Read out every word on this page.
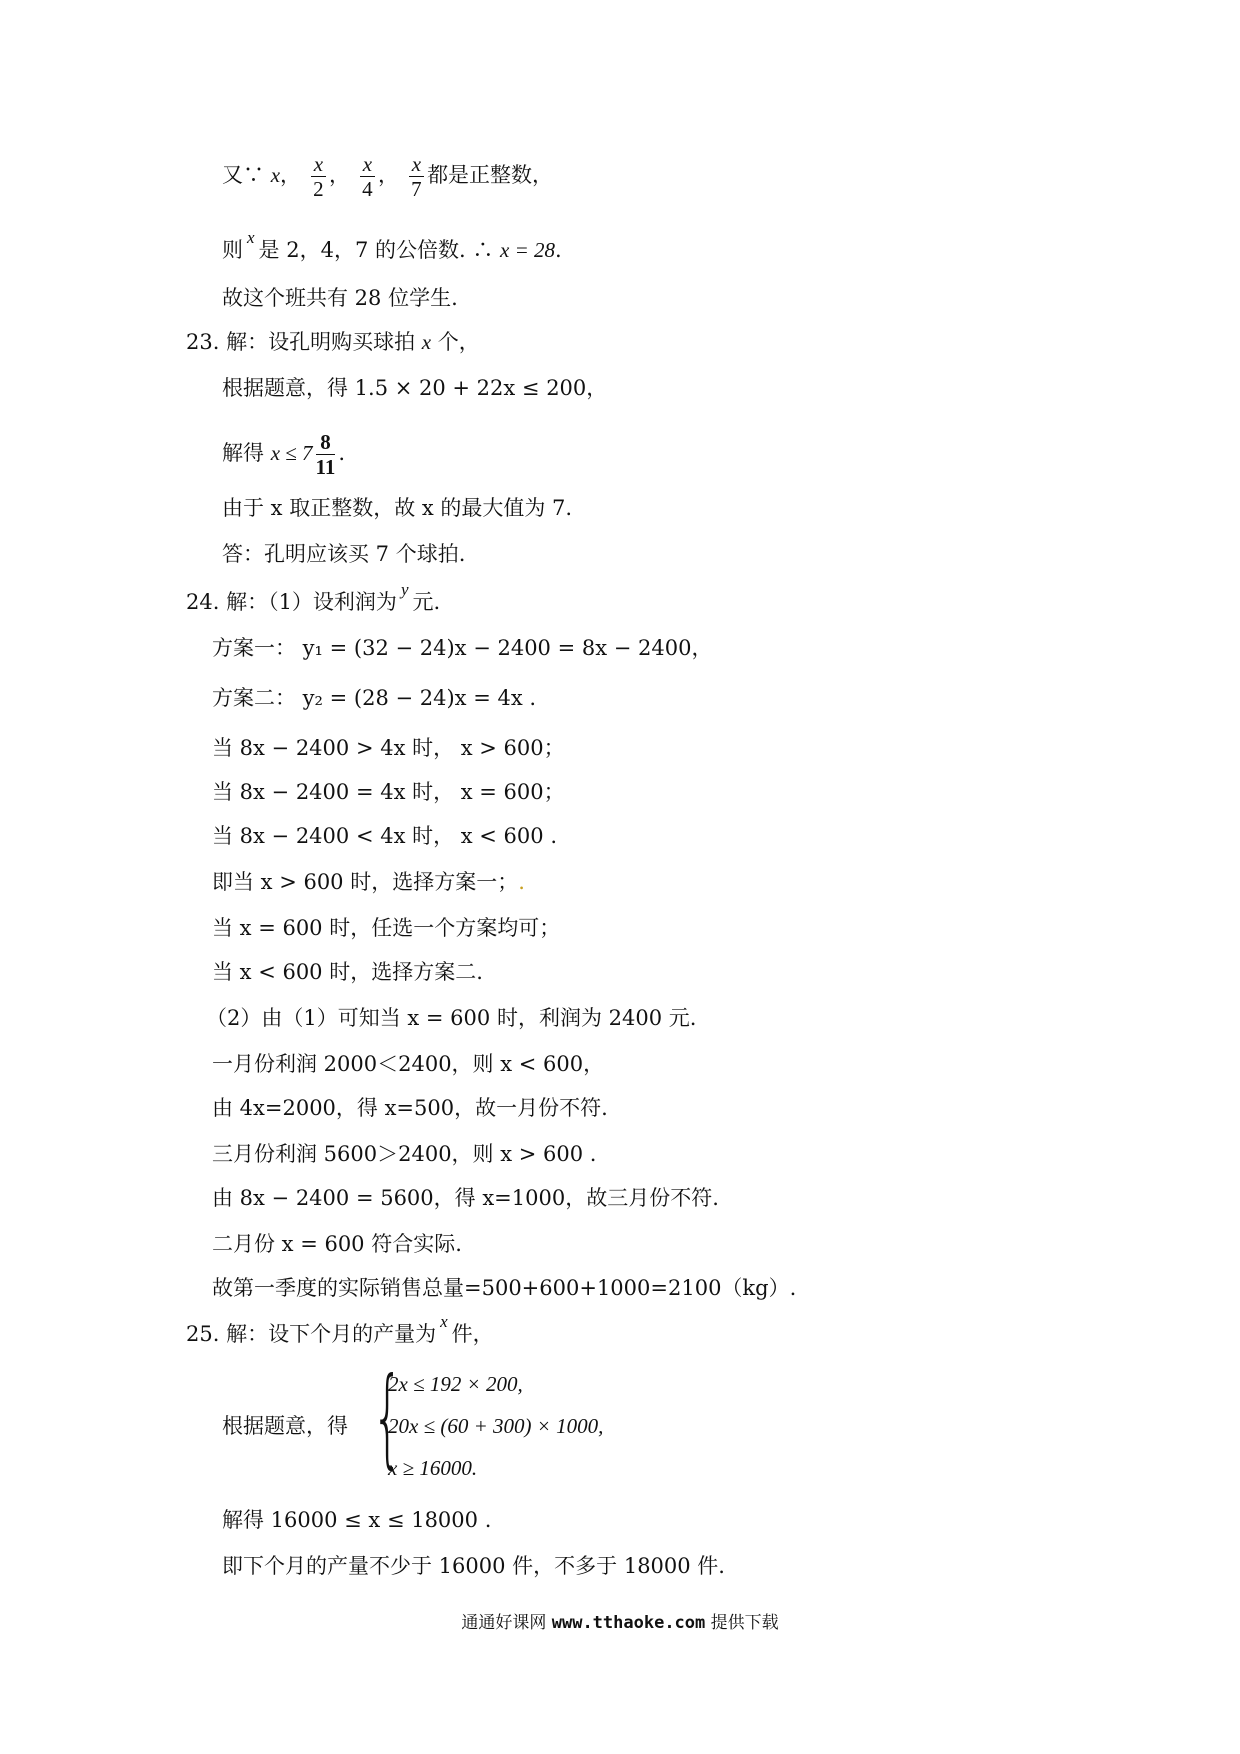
又∵ x， $\frac{x}{2}$ ， $\frac{x}{4}$ ， $\frac{x}{7}$ 都是正整数，
则$^x$是 2，4，7 的公倍数. ∴ x = 28.
故这个班共有 28 位学生.
23. 解：设孔明购买球拍 x 个，
根据题意，得 1.5 × 20 + 22x ≤ 200，
解得 $x \le 7 \frac{8}{11}$ .
由于 x 取正整数，故 x 的最大值为 7.
答：孔明应该买 7 个球拍.
24. 解：（1）设利润为$^y$元.
方案一： y₁ = (32 − 24)x − 2400 = 8x − 2400，
方案二： y₂ = (28 − 24)x = 4x .
当 8x − 2400 > 4x 时， x > 600；
当 8x − 2400 = 4x 时， x = 600；
当 8x − 2400 < 4x 时， x < 600 .
即当 x > 600 时，选择方案一；.
当 x = 600 时，任选一个方案均可；
当 x < 600 时，选择方案二.
（2）由（1）可知当 x = 600 时，利润为 2400 元.
一月份利润 2000＜2400，则 x < 600，
由 4x=2000，得 x=500，故一月份不符.
三月份利润 5600＞2400，则 x > 600 .
由 8x − 2400 = 5600，得 x=1000，故三月份不符.
二月份 x = 600 符合实际.
故第一季度的实际销售总量=500+600+1000=2100（kg）.
25. 解：设下个月的产量为$^x$件，
根据题意，得 {
2x ≤ 192 × 200,
20x ≤ (60 + 300) × 1000,
x ≥ 16000.
解得 16000 ≤ x ≤ 18000 .
即下个月的产量不少于 16000 件，不多于 18000 件.
通通好课网 www.tthaoke.com 提供下载
